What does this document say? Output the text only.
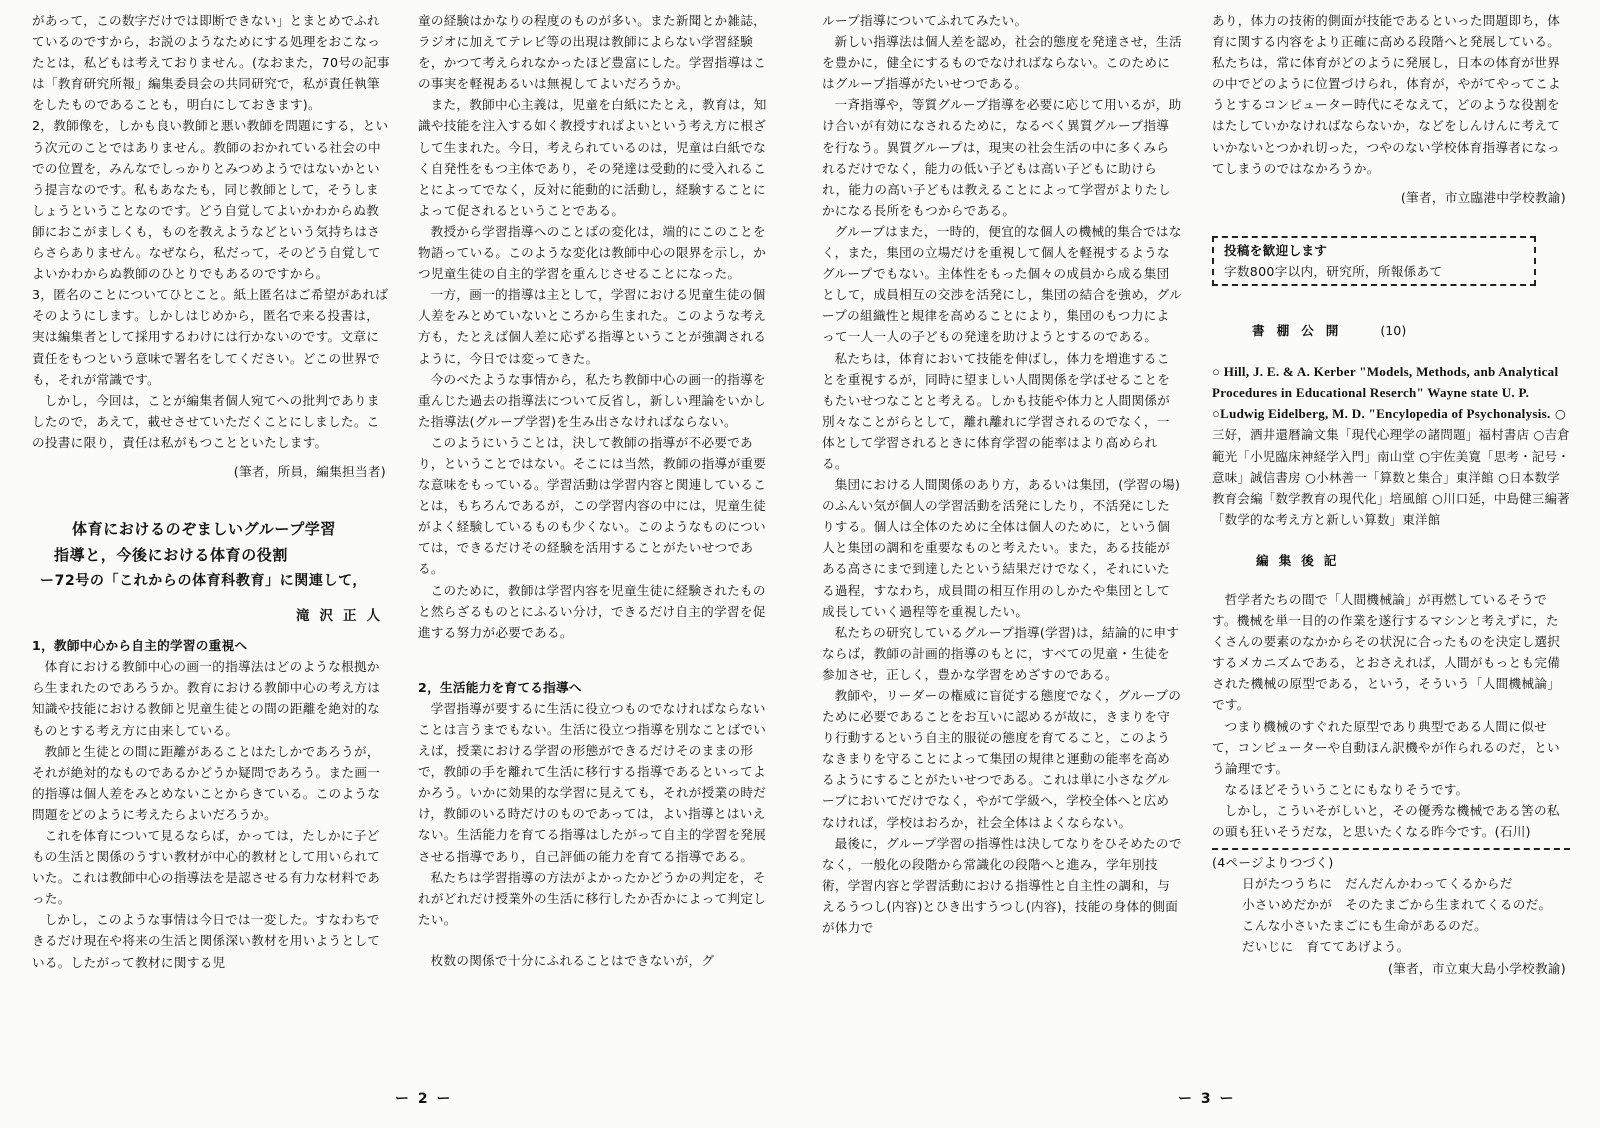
があって，この数字だけでは即断できない」とまとめでふれているのですから，お説のようなためにする処理をおこなったとは，私どもは考えておりません。(なおまた，70号の記事は「教育研究所報」編集委員会の共同研究で，私が責任執筆をしたものであることも，明白にしておきます)。

2，教師像を，しかも良い教師と悪い教師を問題にする，という次元のことではありません。教師のおかれている社会の中での位置を，みんなでしっかりとみつめようではないかという提言なのです。私もあなたも，同じ教師として，そうしましょうということなのです。どう自覚してよいかわからぬ教師におこがましくも，ものを教えようなどという気持ちはさらさらありません。なぜなら，私だって，そのどう自覚してよいかわからぬ教師のひとりでもあるのですから。

3，匿名のことについてひとこと。紙上匿名はご希望があればそのようにします。しかしはじめから，匿名で来る投書は，実は編集者として採用するわけには行かないのです。文章に責任をもつという意味で署名をしてください。どこの世界でも，それが常識です。

しかし，今回は，ことが編集者個人宛てへの批判でありましたので，あえて，載せさせていただくことにしました。この投書に限り，責任は私がもつことといたします。

(筆者，所員，編集担当者)

体育におけるのぞましいグループ学習
指導と，今後における体育の役割
ー72号の「これからの体育科教育」に関連して，
滝沢正人

1，教師中心から自主的学習の重視へ

体育における教師中心の画一的指導法はどのような根拠から生まれたのであろうか。教育における教師中心の考え方は知識や技能における教師と児童生徒との間の距離を絶対的なものとする考え方に由来している。

教師と生徒との間に距離があることはたしかであろうが，それが絶対的なものであるかどうか疑問であろう。また画一的指導は個人差をみとめないことからきている。このような問題をどのように考えたらよいだろうか。

これを体育について見るならば，かっては，たしかに子どもの生活と関係のうすい教材が中心的教材として用いられていた。これは教師中心の指導法を是認させる有力な材料であった。

しかし，このような事情は今日では一変した。すなわちできるだけ現在や将来の生活と関係深い教材を用いようとしている。したがって教材に関する児

童の経験はかなりの程度のものが多い。また新聞とか雑誌，ラジオに加えてテレビ等の出現は教師によらない学習経験を，かつて考えられなかったほど豊富にした。学習指導はこの事実を軽視あるいは無視してよいだろうか。

また，教師中心主義は，児童を白紙にたとえ，教育は，知識や技能を注入する如く教授すればよいという考え方に根ざして生まれた。今日，考えられているのは，児童は白紙でなく自発性をもつ主体であり，その発達は受動的に受入れることによってでなく，反対に能動的に活動し，経験することによって促されるということである。

教授から学習指導へのことばの変化は，端的にこのことを物語っている。このような変化は教師中心の限界を示し，かつ児童生徒の自主的学習を重んじさせることになった。

一方，画一的指導は主として，学習における児童生徒の個人差をみとめていないところから生まれた。このような考え方も，たとえば個人差に応ずる指導ということが強調されるように，今日では変ってきた。

今のべたような事情から，私たち教師中心の画一的指導を重んじた過去の指導法について反省し，新しい理論をいかした指導法(グループ学習)を生み出さなければならない。

このようにいうことは，決して教師の指導が不必要であり，ということではない。そこには当然，教師の指導が重要な意味をもっている。学習活動は学習内容と関連していることは，もちろんであるが，この学習内容の中には，児童生徒がよく経験しているものも少くない。このようなものについては，できるだけその経験を活用することがたいせつである。

このために，教師は学習内容を児童生徒に経験されたものと然らざるものとにふるい分け，できるだけ自主的学習を促進する努力が必要である。

2，生活能力を育てる指導へ

学習指導が要するに生活に役立つものでなければならないことは言うまでもない。生活に役立つ指導を別なことばでいえば，授業における学習の形態ができるだけそのままの形で，教師の手を離れて生活に移行する指導であるといってよかろう。いかに効果的な学習に見えても，それが授業の時だけ，教師のいる時だけのものであっては，よい指導とはいえない。生活能力を育てる指導はしたがって自主的学習を発展させる指導であり，自己評価の能力を育てる指導である。

私たちは学習指導の方法がよかったかどうかの判定を，それがどれだけ授業外の生活に移行したか否かによって判定したい。

枚数の関係で十分にふれることはできないが，グ

ループ指導についてふれてみたい。

新しい指導法は個人差を認め，社会的態度を発達させ，生活を豊かに，健全にするものでなければならない。このためにはグループ指導がたいせつである。

一斉指導や，等質グループ指導を必要に応じて用いるが，助け合いが有効になされるために，なるべく異質グループ指導を行なう。異質グループは，現実の社会生活の中に多くみられるだけでなく，能力の低い子どもは高い子どもに助けられ，能力の高い子どもは教えることによって学習がよりたしかになる長所をもつからである。

グループはまた，一時的，便宜的な個人の機械的集合ではなく，また，集団の立場だけを重視して個人を軽視するようなグループでもない。主体性をもった個々の成員から成る集団として，成員相互の交渉を活発にし，集団の結合を強め，グループの組織性と規律を高めることにより，集団のもつ力によって一人一人の子どもの発達を助けようとするのである。

私たちは，体育において技能を伸ばし，体力を増進することを重視するが，同時に望ましい人間関係を学ばせることをもたいせつなことと考える。しかも技能や体力と人間関係が別々なことがらとして，離れ離れに学習されるのでなく，一体として学習されるときに体育学習の能率はより高められる。

集団における人間関係のあり方，あるいは集団，(学習の場)のふんい気が個人の学習活動を活発にしたり，不活発にしたりする。個人は全体のために全体は個人のために，という個人と集団の調和を重要なものと考えたい。また，ある技能がある高さにまで到達したという結果だけでなく，それにいたる過程，すなわち，成員間の相互作用のしかたや集団として成長していく過程等を重視したい。

私たちの研究しているグループ指導(学習)は，結論的に申すならば，教師の計画的指導のもとに，すべての児童・生徒を参加させ，正しく，豊かな学習をめざすのである。

教師や，リーダーの権威に盲従する態度でなく，グループのために必要であることをお互いに認めるが故に，きまりを守り行動するという自主的服従の態度を育てること，このようなきまりを守ることによって集団の規律と運動の能率を高めるようにすることがたいせつである。これは単に小さなグループにおいてだけでなく，やがて学級へ，学校全体へと広めなければ，学校はおろか，社会全体はよくならない。

最後に，グループ学習の指導性は決してなりをひそめたのでなく，一般化の段階から常識化の段階へと進み，学年別技術，学習内容と学習活動における指導性と自主性の調和，与えるうつし(内容)とひき出すうつし(内容)，技能の身体的側面が体力で

あり，体力の技術的側面が技能であるといった問題即ち，体育に関する内容をより正確に高める段階へと発展している。私たちは，常に体育がどのように発展し，日本の体育が世界の中でどのように位置づけられ，体育が，やがてやってこようとするコンピューター時代にそなえて，どのような役割をはたしていかなければならないか，などをしんけんに考えていかないとつかれ切った，つやのない学校体育指導者になってしまうのではなかろうか。

(筆者，市立臨港中学校教諭)

投稿を歓迎します
字数800字以内，研究所，所報係あて
書棚公開 (10)
○ Hill, J. E. & A. Kerber "Models, Methods, anb Analytical Procedures in Educational Reserch" Wayne state U. P. ○Ludwig Eidelberg, M. D. "Encylopedia of Psychonalysis. ○三好，酒井還暦論文集「現代心理学の諸問題」福村書店 ○吉倉範光「小児臨床神経学入門」南山堂 ○宇佐美寛「思考・記号・意味」誠信書房 ○小林善一「算数と集合」東洋館 ○日本数学教育会編「数学教育の現代化」培風館 ○川口延，中島健三編著「数学的な考え方と新しい算数」東洋館
編集後記

哲学者たちの間で「人間機械論」が再燃しているそうです。機械を単一目的の作業を遂行するマシンと考えずに，たくさんの要素のなかからその状況に合ったものを決定し選択するメカニズムである，とおさえれば，人間がもっとも完備された機械の原型である，という，そういう「人間機械論」です。

つまり機械のすぐれた原型であり典型である人間に似せて，コンピューターや自動ほん訳機やが作られるのだ，という論理です。

なるほどそういうことにもなりそうです。

しかし，こういそがしいと，その優秀な機械である筈の私の頭も狂いそうだな，と思いたくなる昨今です。(石川)

(4ページよりつづく)

日がたつうちに　だんだんかわってくるからだ

小さいめだかが　そのたまごから生まれてくるのだ。

こんな小さいたまごにも生命があるのだ。

だいじに　育ててあげよう。

(筆者，市立東大島小学校教諭)

ー 2 ー	ー 3 ー
